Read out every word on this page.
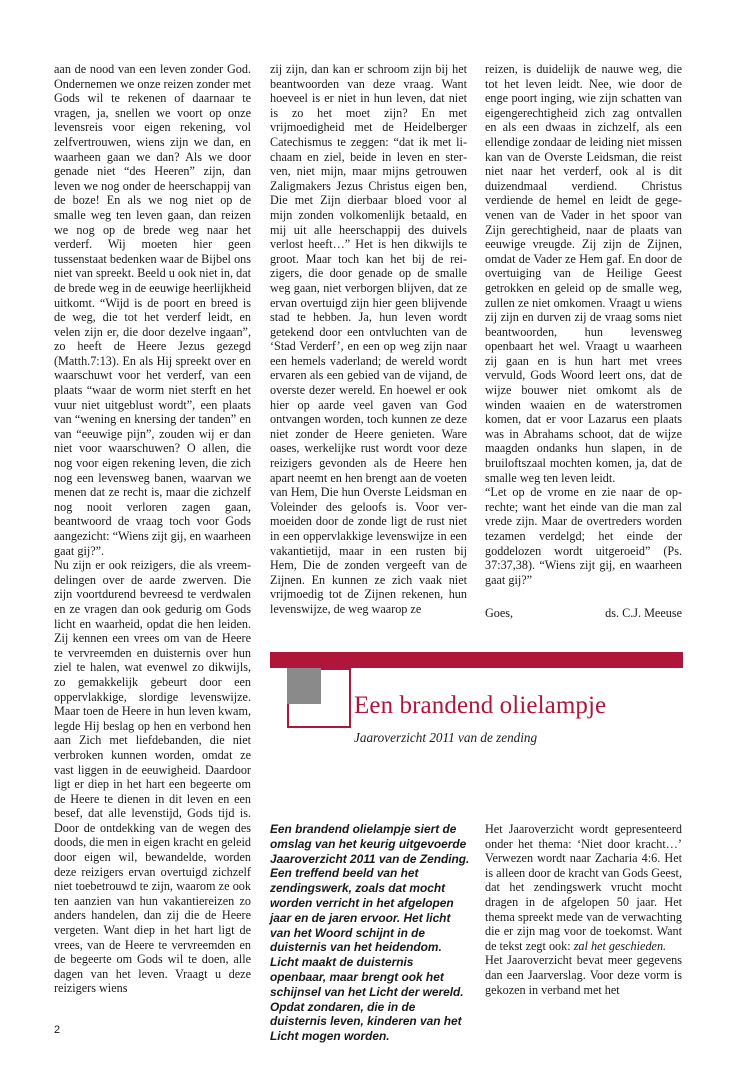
aan de nood van een leven zonder God. Ondernemen we onze reizen zonder met Gods wil te rekenen of daarnaar te vragen, ja, snellen we voort op onze levensreis voor eigen rekening, vol zelfvertrouwen, wiens zijn we dan, en waarheen gaan we dan? Als we door genade niet “des Heeren” zijn, dan leven we nog onder de heerschappij van de boze! En als we nog niet op de smalle weg ten leven gaan, dan reizen we nog op de brede weg naar het verderf. Wij moeten hier geen tussenstaat bedenken waar de Bijbel ons niet van spreekt. Beeld u ook niet in, dat de brede weg in de eeuwige heerlijkheid uitkomt. “Wijd is de poort en breed is de weg, die tot het verderf leidt, en velen zijn er, die door dezelve ingaan”, zo heeft de Heere Jezus gezegd (Matth.7:13). En als Hij spreekt over en waarschuwt voor het verderf, van een plaats “waar de worm niet sterft en het vuur niet uitgeblust wordt”, een plaats van “wening en knersing der tanden” en van “eeuwige pijn”, zouden wij er dan niet voor waarschuwen? O allen, die nog voor eigen rekening leven, die zich nog een levensweg banen, waarvan we menen dat ze recht is, maar die zichzelf nog nooit verloren zagen gaan, beantwoord de vraag toch voor Gods aangezicht: “Wiens zijt gij, en waarheen gaat gij?”.

Nu zijn er ook reizigers, die als vreemdelingen over de aarde zwerven. Die zijn voortdurend bevreesd te verdwalen en ze vragen dan ook gedurig om Gods licht en waarheid, opdat die hen leiden. Zij kennen een vrees om van de Heere te vervreemden en duisternis over hun ziel te halen, wat evenwel zo dikwijls, zo gemakkelijk gebeurt door een oppervlakkige, slordige levenswijze. Maar toen de Heere in hun leven kwam, legde Hij beslag op hen en verbond hen aan Zich met liefdebanden, die niet verbroken kunnen worden, omdat ze vast liggen in de eeuwigheid. Daardoor ligt er diep in het hart een begeerte om de Heere te dienen in dit leven en een besef, dat alle levenstijd, Gods tijd is. Door de ontdekking van de wegen des doods, die men in eigen kracht en geleid door eigen wil, bewandelde, worden deze reizigers ervan overtuigd zichzelf niet toebetrouwd te zijn, waarom ze ook ten aanzien van hun vakantiereizen zo anders handelen, dan zij die de Heere vergeten. Want diep in het hart ligt de vrees, van de Heere te vervreemden en de begeerte om Gods wil te doen, alle dagen van het leven. Vraagt u deze reizigers wiens

zij zijn, dan kan er schroom zijn bij het beantwoorden van deze vraag. Want hoeveel is er niet in hun leven, dat niet is zo het moet zijn? En met vrijmoedigheid met de Heidelberger Catechismus te zeggen: “dat ik met lichaam en ziel, beide in leven en sterven, niet mijn, maar mijns getrouwen Zaligmakers Jezus Christus eigen ben, Die met Zijn dierbaar bloed voor al mijn zonden volkomenlijk betaald, en mij uit alle heerschappij des duivels verlost heeft…” Het is hen dikwijls te groot. Maar toch kan het bij de reizigers, die door genade op de smalle weg gaan, niet verborgen blijven, dat ze ervan overtuigd zijn hier geen blijvende stad te hebben. Ja, hun leven wordt getekend door een ontvluchten van de ‘Stad Verderf’, en een op weg zijn naar een hemels vaderland; de wereld wordt ervaren als een gebied van de vijand, de overste dezer wereld. En hoewel er ook hier op aarde veel gaven van God ontvangen worden, toch kunnen ze deze niet zonder de Heere genieten. Ware oases, werkelijke rust wordt voor deze reizigers gevonden als de Heere hen apart neemt en hen brengt aan de voeten van Hem, Die hun Overste Leidsman en Voleinder des geloofs is. Voor vermoeiden door de zonde ligt de rust niet in een oppervlakkige levenswijze in een vakantietijd, maar in een rusten bij Hem, Die de zonden vergeeft van de Zijnen. En kunnen ze zich vaak niet vrijmoedig tot de Zijnen rekenen, hun levenswijze, de weg waarop ze

reizen, is duidelijk de nauwe weg, die tot het leven leidt. Nee, wie door de enge poort inging, wie zijn schatten van eigengerechtigheid zich zag ontvallen en als een dwaas in zichzelf, als een ellendige zondaar de leiding niet missen kan van de Overste Leidsman, die reist niet naar het verderf, ook al is dit duizendmaal verdiend. Christus verdiende de hemel en leidt de gegevenen van de Vader in het spoor van Zijn gerechtigheid, naar de plaats van eeuwige vreugde. Zij zijn de Zijnen, omdat de Vader ze Hem gaf. En door de overtuiging van de Heilige Geest getrokken en geleid op de smalle weg, zullen ze niet omkomen. Vraagt u wiens zij zijn en durven zij de vraag soms niet beantwoorden, hun levensweg openbaart het wel. Vraagt u waarheen zij gaan en is hun hart met vrees vervuld, Gods Woord leert ons, dat de wijze bouwer niet omkomt als de winden waaien en de waterstromen komen, dat er voor Lazarus een plaats was in Abrahams schoot, dat de wijze maagden ondanks hun slapen, in de bruiloftszaal mochten komen, ja, dat de smalle weg ten leven leidt.

“Let op de vrome en zie naar de oprechte; want het einde van die man zal vrede zijn. Maar de overtreders worden tezamen verdelgd; het einde der goddelozen wordt uitgeroeid” (Ps. 37:37,38). “Wiens zijt gij, en waarheen gaat gij?”

Goes,	ds. C.J. Meeuse
Een brandend olielampje
Jaaroverzicht 2011 van de zending
Een brandend olielampje siert de omslag van het keurig uitgevoerde Jaaroverzicht 2011 van de Zending. Een treffend beeld van het zendingswerk, zoals dat mocht worden verricht in het afgelopen jaar en de jaren ervoor. Het licht van het Woord schijnt in de duisternis van het heidendom. Licht maakt de duisternis openbaar, maar brengt ook het schijnsel van het Licht der wereld. Opdat zondaren, die in de duisternis leven, kinderen van het Licht mogen worden.

Het Jaaroverzicht wordt gepresenteerd onder het thema: ‘Niet door kracht…’ Verwezen wordt naar Zacharia 4:6. Het is alleen door de kracht van Gods Geest, dat het zendingswerk vrucht mocht dragen in de afgelopen 50 jaar. Het thema spreekt mede van de verwachting die er zijn mag voor de toekomst. Want de tekst zegt ook: zal het geschieden.

Het Jaaroverzicht bevat meer gegevens dan een Jaarverslag. Voor deze vorm is gekozen in verband met het

2
